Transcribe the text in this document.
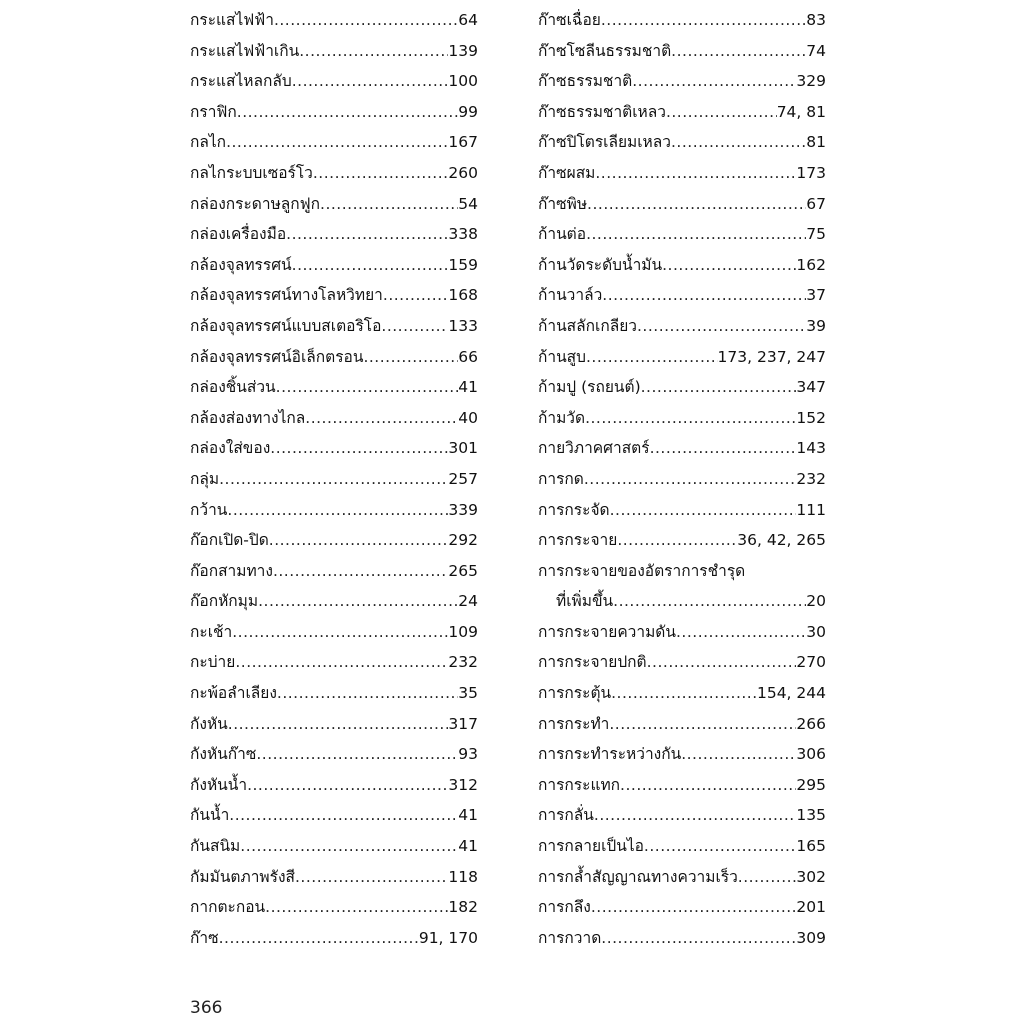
กระแสไฟฟ้า .....	64
กระแสไฟฟ้าเกิน .....	139
กระแสไหลกลับ .....	100
กราฟิก .....	99
กลไก .....	167
กลไกระบบเซอร์โว .....	260
กล่องกระดาษลูกฟูก .....	54
กล่องเครื่องมือ .....	338
กล้องจุลทรรศน์ .....	159
กล้องจุลทรรศน์ทางโลหวิทยา .....	168
กล้องจุลทรรศน์แบบสเตอริโอ .....	133
กล้องจุลทรรศน์อิเล็กตรอน .....	66
กล่องชิ้นส่วน .....	41
กล้องส่องทางไกล .....	40
กล่องใส่ของ .....	301
กลุ่ม .....	257
กว้าน .....	339
ก๊อกเปิด-ปิด .....	292
ก๊อกสามทาง .....	265
ก๊อกหักมุม .....	24
กะเช้า .....	109
กะบ่าย .....	232
กะพ้อลำเลียง .....	35
กังหัน .....	317
กังหันก๊าซ .....	93
กังหันน้ำ .....	312
กันน้ำ .....	41
กันสนิม .....	41
กัมมันตภาพรังสี .....	118
กากตะกอน .....	182
ก๊าซ .....	91, 170
ก๊าซเฉื่อย .....	83
ก๊าซโซลีนธรรมชาติ .....	74
ก๊าซธรรมชาติ .....	329
ก๊าซธรรมชาติเหลว .....	74, 81
ก๊าซปิโตรเลียมเหลว .....	81
ก๊าซผสม .....	173
ก๊าซพิษ .....	67
ก้านต่อ .....	75
ก้านวัดระดับน้ำมัน .....	162
ก้านวาล์ว .....	37
ก้านสลักเกลียว .....	39
ก้านสูบ .....	173, 237, 247
ก้ามปู (รถยนต์) .....	347
ก้ามวัด .....	152
กายวิภาคศาสตร์ .....	143
การกด .....	232
การกระจัด .....	111
การกระจาย .....	36, 42, 265
การกระจายของอัตราการชำรุด
ที่เพิ่มขึ้น .....	20
การกระจายความดัน .....	30
การกระจายปกติ .....	270
การกระตุ้น .....	154, 244
การกระทำ .....	266
การกระทำระหว่างกัน .....	306
การกระแทก .....	295
การกลั่น .....	135
การกลายเป็นไอ .....	165
การกล้ำสัญญาณทางความเร็ว .....	302
การกลึง .....	201
การกวาด .....	309
366
